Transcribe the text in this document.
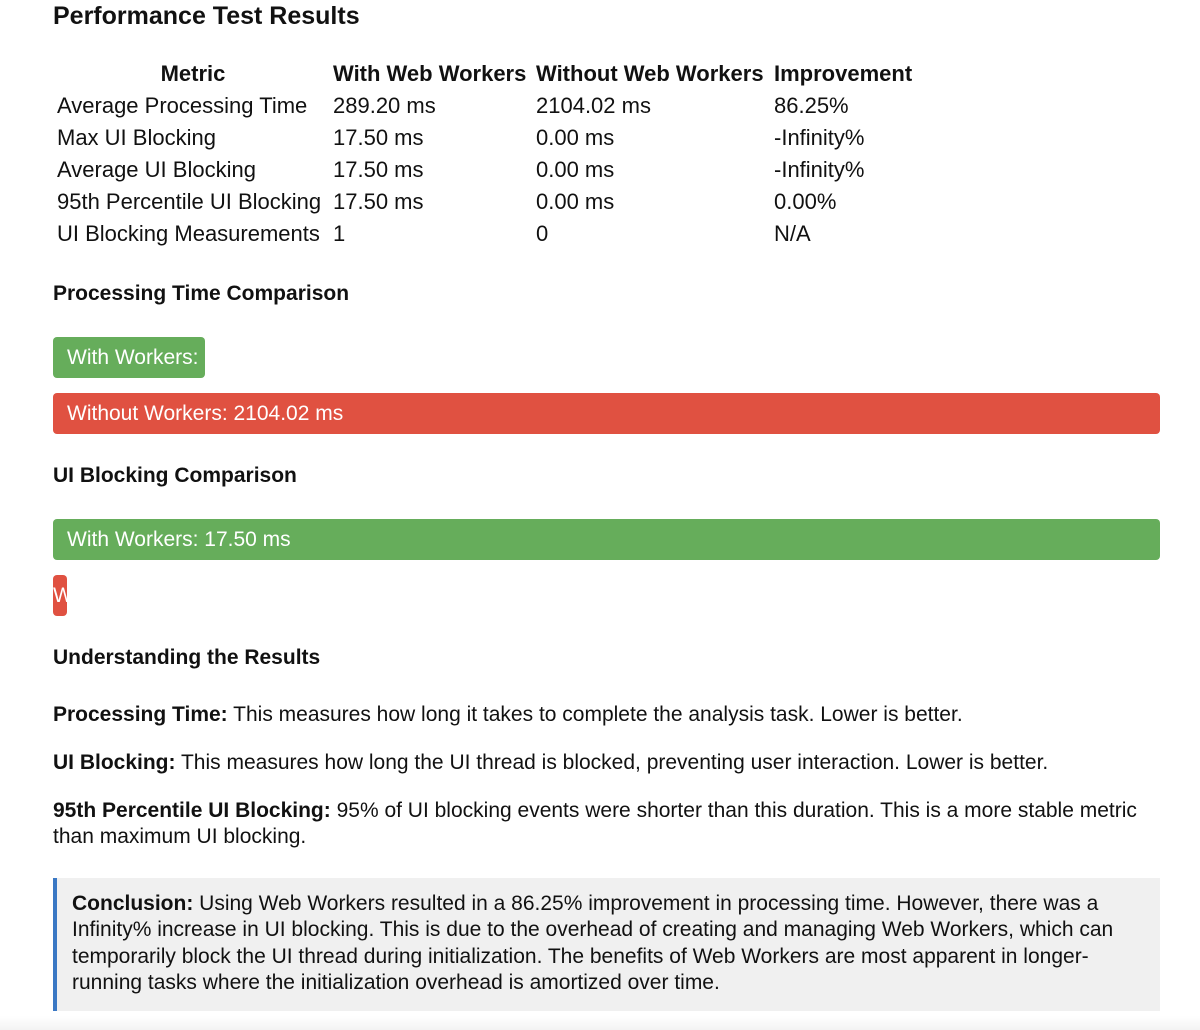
Performance Test Results
Metric	With Web Workers	Without Web Workers	Improvement
Average Processing Time	289.20 ms	2104.02 ms	86.25%
Max UI Blocking	17.50 ms	0.00 ms	-Infinity%
Average UI Blocking	17.50 ms	0.00 ms	-Infinity%
95th Percentile UI Blocking	17.50 ms	0.00 ms	0.00%
UI Blocking Measurements	1	0	N/A
Processing Time Comparison
With Workers: 289.20 ms
Without Workers: 2104.02 ms
UI Blocking Comparison
With Workers: 17.50 ms
Without Workers: 0.00 ms
Understanding the Results

Processing Time: This measures how long it takes to complete the analysis task. Lower is better.

UI Blocking: This measures how long the UI thread is blocked, preventing user interaction. Lower is better.

95th Percentile UI Blocking: 95% of UI blocking events were shorter than this duration. This is a more stable metric than maximum UI blocking.

Conclusion: Using Web Workers resulted in a 86.25% improvement in processing time. However, there was a Infinity% increase in UI blocking. This is due to the overhead of creating and managing Web Workers, which can temporarily block the UI thread during initialization. The benefits of Web Workers are most apparent in longer-running tasks where the initialization overhead is amortized over time.
